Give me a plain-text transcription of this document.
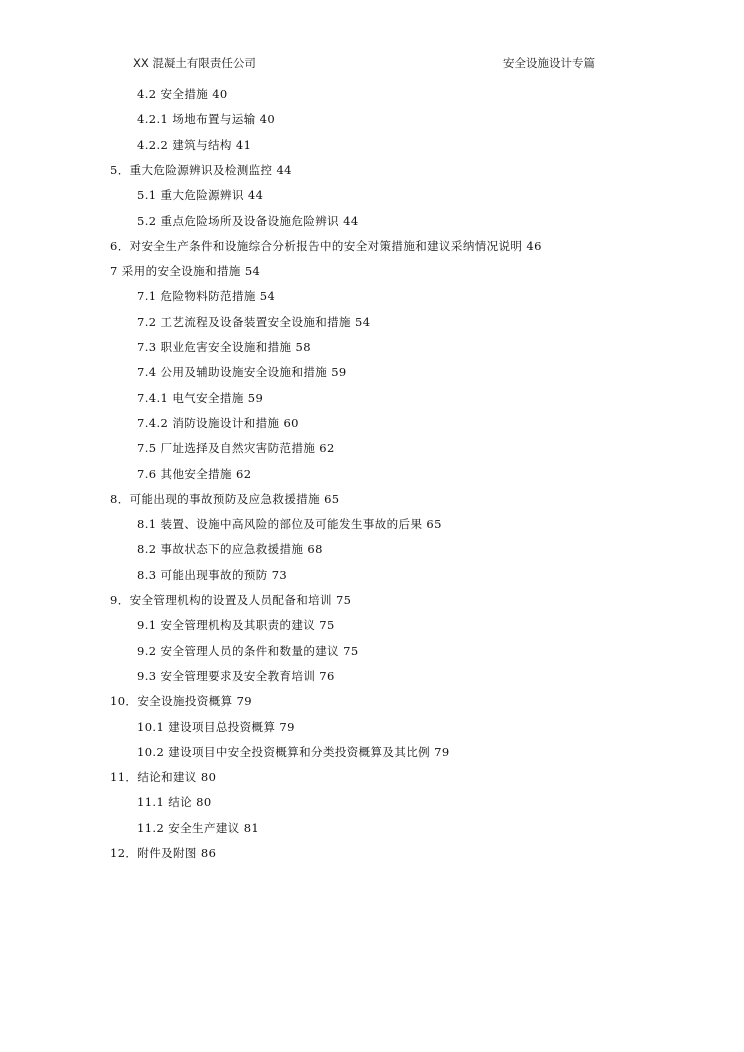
XX 混凝土有限责任公司	安全设施设计专篇
4.2 安全措施 40
4.2.1 场地布置与运输 40
4.2.2 建筑与结构 41
5．重大危险源辨识及检测监控 44
5.1 重大危险源辨识 44
5.2 重点危险场所及设备设施危险辨识 44
6．对安全生产条件和设施综合分析报告中的安全对策措施和建议采纳情况说明 46
7 采用的安全设施和措施 54
7.1 危险物料防范措施 54
7.2 工艺流程及设备装置安全设施和措施 54
7.3 职业危害安全设施和措施 58
7.4 公用及辅助设施安全设施和措施 59
7.4.1 电气安全措施 59
7.4.2 消防设施设计和措施 60
7.5 厂址选择及自然灾害防范措施 62
7.6 其他安全措施 62
8．可能出现的事故预防及应急救援措施 65
8.1 装置、设施中高风险的部位及可能发生事故的后果 65
8.2 事故状态下的应急救援措施 68
8.3 可能出现事故的预防 73
9．安全管理机构的设置及人员配备和培训 75
9.1 安全管理机构及其职责的建议 75
9.2 安全管理人员的条件和数量的建议 75
9.3 安全管理要求及安全教育培训 76
10．安全设施投资概算 79
10.1 建设项目总投资概算 79
10.2 建设项目中安全投资概算和分类投资概算及其比例 79
11．结论和建议 80
11.1 结论 80
11.2 安全生产建议 81
12．附件及附图 86
